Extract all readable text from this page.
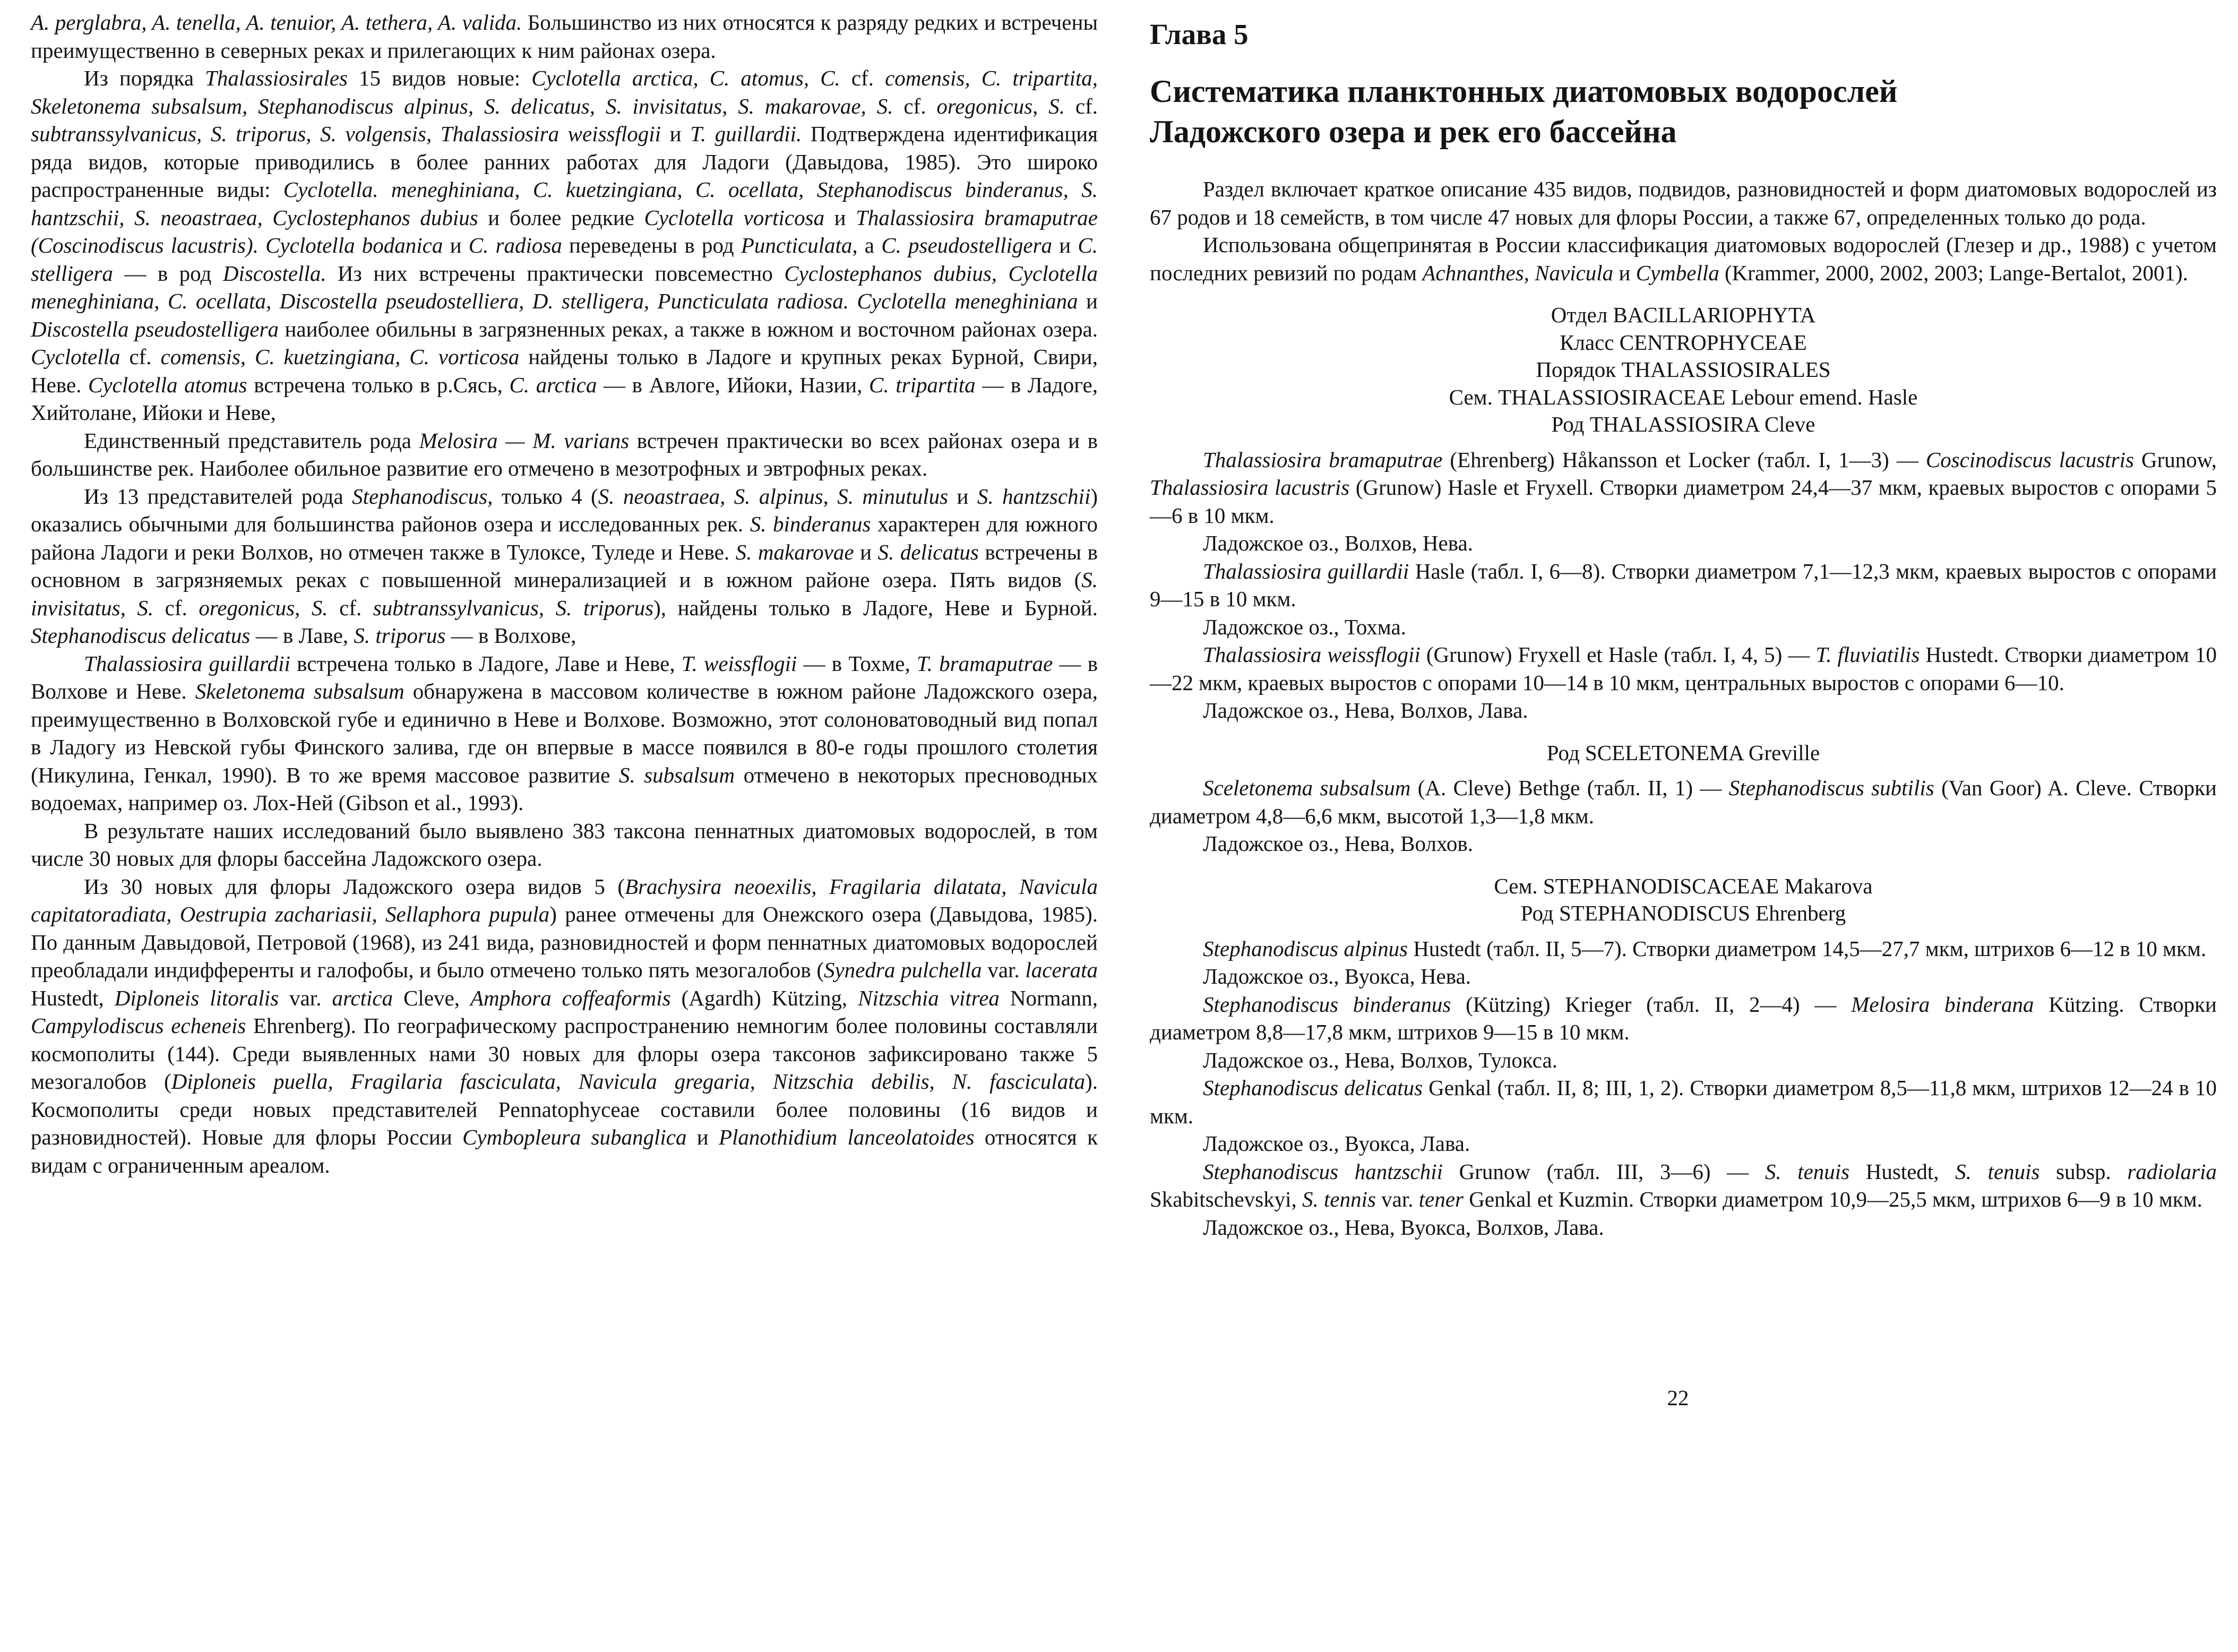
A. perglabra, A. tenella, A. tenuior, A. tethera, A. valida. Большинство из них относятся к разряду редких и встречены преимущественно в северных реках и прилегающих к ним районах озера.

Из порядка Thalassiosirales 15 видов новые: Cyclotella arctica, C. atomus, C. cf. comensis, C. tripartita, Skeletonema subsalsum, Stephanodiscus alpinus, S. delicatus, S. invisitatus, S. makarovae, S. cf. oregonicus, S. cf. subtranssylvanicus, S. triporus, S. volgensis, Thalassiosira weissflogii и T. guillardii. Подтверждена идентификация ряда видов, которые приводились в более ранних работах для Ладоги (Давыдова, 1985). Это широко распространенные виды: Cyclotella. meneghiniana, C. kuetzingiana, C. ocellata, Stephanodiscus binderanus, S. hantzschii, S. neoastraea, Cyclostephanos dubius и более редкие Cyclotella vorticosa и Thalassiosira bramaputrae (Coscinodiscus lacustris). Cyclotella bodanica и C. radiosa переведены в род Puncticulata, а C. pseudostelligera и C. stelligera — в род Discostella. Из них встречены практически повсеместно Cyclostephanos dubius, Cyclotella meneghiniana, C. ocellata, Discostella pseudostelliera, D. stelligera, Puncticulata radiosa. Cyclotella meneghiniana и Discostella pseudostelligera наиболее обильны в загрязненных реках, а также в южном и восточном районах озера. Cyclotella cf. comensis, C. kuetzingiana, C. vorticosa найдены только в Ладоге и крупных реках Бурной, Свири, Неве. Cyclotella atomus встречена только в р.Сясь, C. arctica — в Авлоге, Ийоки, Назии, C. tripartita — в Ладоге, Хийтолане, Ийоки и Неве,

Единственный представитель рода Melosira — M. varians встречен практически во всех районах озера и в большинстве рек. Наиболее обильное развитие его отмечено в мезотрофных и эвтрофных реках.

Из 13 представителей рода Stephanodiscus, только 4 (S. neoastraea, S. alpinus, S. minutulus и S. hantzschii) оказались обычными для большинства районов озера и исследованных рек. S. binderanus характерен для южного района Ладоги и реки Волхов, но отмечен также в Тулоксе, Туледе и Неве. S. makarovae и S. delicatus встречены в основном в загрязняемых реках с повышенной минерализацией и в южном районе озера. Пять видов (S. invisitatus, S. cf. oregonicus, S. cf. subtranssylvanicus, S. triporus), найдены только в Ладоге, Неве и Бурной. Stephanodiscus delicatus — в Лаве, S. triporus — в Волхове,

Thalassiosira guillardii встречена только в Ладоге, Лаве и Неве, T. weissflogii — в Тохме, T. bramaputrae — в Волхове и Неве. Skeletonema subsalsum обнаружена в массовом количестве в южном районе Ладожского озера, преимущественно в Волховской губе и единично в Неве и Волхове. Возможно, этот солоноватоводный вид попал в Ладогу из Невской губы Финского залива, где он впервые в массе появился в 80-е годы прошлого столетия (Никулина, Генкал, 1990). В то же время массовое развитие S. subsalsum отмечено в некоторых пресноводных водоемах, например оз. Лох-Ней (Gibson et al., 1993).

В результате наших исследований было выявлено 383 таксона пеннатных диатомовых водорослей, в том числе 30 новых для флоры бассейна Ладожского озера.

Из 30 новых для флоры Ладожского озера видов 5 (Brachysira neoexilis, Fragilaria dilatata, Navicula capitatoradiata, Oestrupia zachariasii, Sellaphora pupula) ранее отмечены для Онежского озера (Давыдова, 1985). По данным Давыдовой, Петровой (1968), из 241 вида, разновидностей и форм пеннатных диатомовых водорослей преобладали индифференты и галофобы, и было отмечено только пять мезогалобов (Synedra pulchella var. lacerata Hustedt, Diploneis litoralis var. arctica Cleve, Amphora coffeaformis (Agardh) Kützing, Nitzschia vitrea Normann, Campylodiscus echeneis Ehrenberg). По географическому распространению немногим более половины составляли космополиты (144). Среди выявленных нами 30 новых для флоры озера таксонов зафиксировано также 5 мезогалобов (Diploneis puella, Fragilaria fasciculata, Navicula gregaria, Nitzschia debilis, N. fasciculata). Космополиты среди новых представителей Pennatophyceae составили более половины (16 видов и разновидностей). Новые для флоры России Cymbopleura subanglica и Planothidium lanceolatoides относятся к видам с ограниченным ареалом.

Глава 5
Систематика планктонных диатомовых водорослей
Ладожского озера и рек его бассейна

Раздел включает краткое описание 435 видов, подвидов, разновидностей и форм диатомовых водорослей из 67 родов и 18 семейств, в том числе 47 новых для флоры России, а также 67, определенных только до рода.

Использована общепринятая в России классификация диатомовых водорослей (Глезер и др., 1988) с учетом последних ревизий по родам Achnanthes, Navicula и Cymbella (Krammer, 2000, 2002, 2003; Lange-Bertalot, 2001).

Отдел BACILLARIOPHYTA

Класс CENTROPHYCEAE

Порядок THALASSIOSIRALES

Сем. THALASSIOSIRACEAE Lebour emend. Hasle

Род THALASSIOSIRA Cleve

Thalassiosira bramaputrae (Ehrenberg) Håkansson et Locker (табл. I, 1—3) — Coscinodiscus lacustris Grunow, Thalassiosira lacustris (Grunow) Hasle et Fryxell. Створки диаметром 24,4—37 мкм, краевых выростов с опорами 5—6 в 10 мкм.

Ладожское оз., Волхов, Нева.

Thalassiosira guillardii Hasle (табл. I, 6—8). Створки диаметром 7,1—12,3 мкм, краевых выростов с опорами 9—15 в 10 мкм.

Ладожское оз., Тохма.

Thalassiosira weissflogii (Grunow) Fryxell et Hasle (табл. I, 4, 5) — T. fluviatilis Hustedt. Створки диаметром 10—22 мкм, краевых выростов с опорами 10—14 в 10 мкм, центральных выростов с опорами 6—10.

Ладожское оз., Нева, Волхов, Лава.

Род SCELETONEMA Greville

Sceletonema subsalsum (A. Cleve) Bethge (табл. II, 1) — Stephanodiscus subtilis (Van Goor) A. Cleve. Створки диаметром 4,8—6,6 мкм, высотой 1,3—1,8 мкм.

Ладожское оз., Нева, Волхов.

Сем. STEPHANODISCACEAE Makarova

Род STEPHANODISCUS Ehrenberg

Stephanodiscus alpinus Hustedt (табл. II, 5—7). Створки диаметром 14,5—27,7 мкм, штрихов 6—12 в 10 мкм.

Ладожское оз., Вуокса, Нева.

Stephanodiscus binderanus (Kützing) Krieger (табл. II, 2—4) — Melosira binderana Kützing. Створки диаметром 8,8—17,8 мкм, штрихов 9—15 в 10 мкм.

Ладожское оз., Нева, Волхов, Тулокса.

Stephanodiscus delicatus Genkal (табл. II, 8; III, 1, 2). Створки диаметром 8,5—11,8 мкм, штрихов 12—24 в 10 мкм.

Ладожское оз., Вуокса, Лава.

Stephanodiscus hantzschii Grunow (табл. III, 3—6) — S. tenuis Hustedt, S. tenuis subsp. radiolaria Skabitschevskyi, S. tennis var. tener Genkal et Kuzmin. Створки диаметром 10,9—25,5 мкм, штрихов 6—9 в 10 мкм.

Ладожское оз., Нева, Вуокса, Волхов, Лава.

22
